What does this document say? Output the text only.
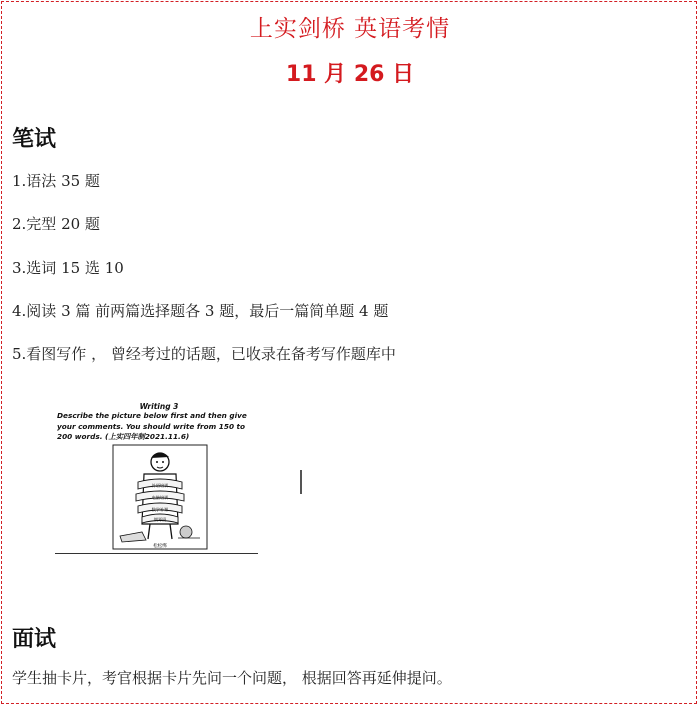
上实剑桥 英语考情
11 月 26 日
笔试
1.语法 35 题
2.完型 20 题
3.选词 15 选 10
4.阅读 3 篇 前两篇选择题各 3 题，最后一篇简单题 4 题
5.看图写作 ， 曾经考过的话题，已收录在备考写作题库中
Writing 3
Describe the picture below first and then give
your comments. You should write from 150 to
200 words. (上实四年制2021.11.6)
外语培训
电脑培训
数学补课
钢琴班
松松绑
面试
学生抽卡片，考官根据卡片先问一个问题， 根据回答再延伸提问。
